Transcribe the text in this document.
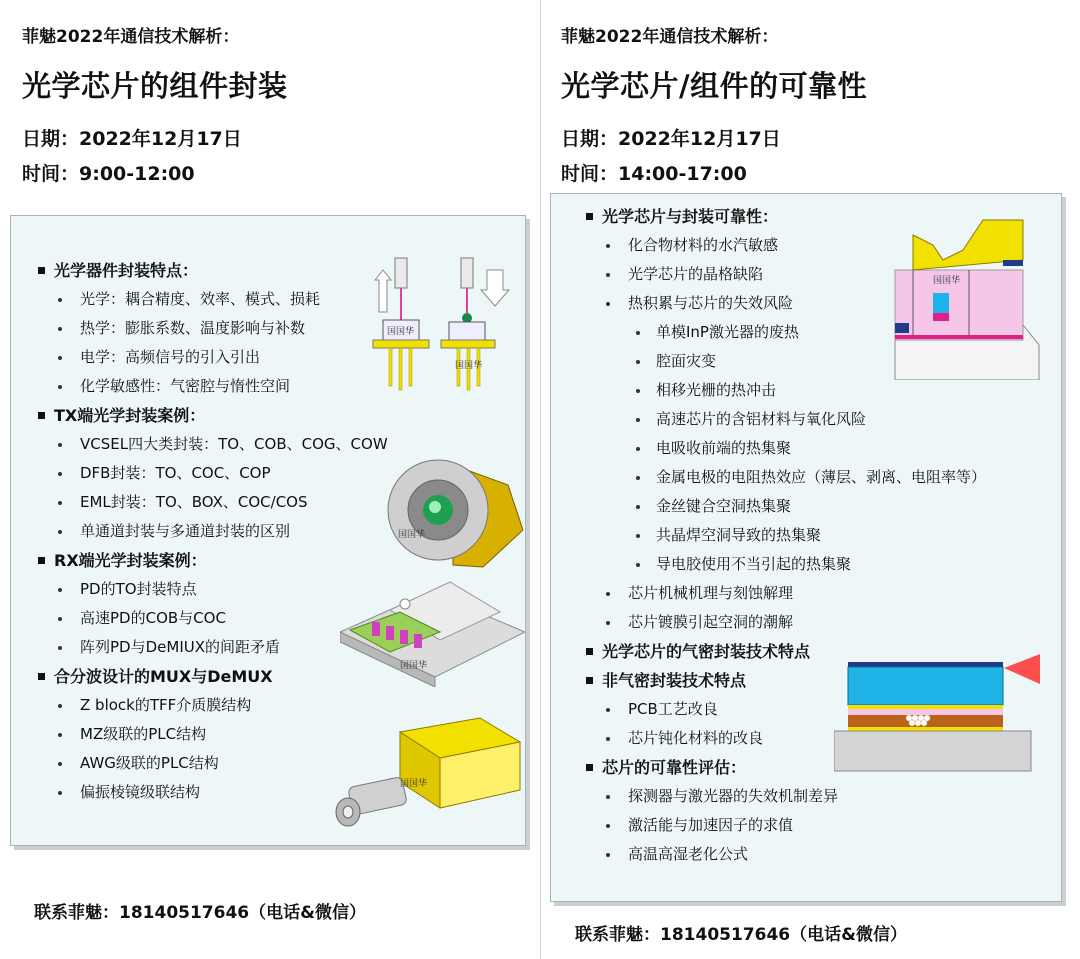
菲魅2022年通信技术解析：
光学芯片的组件封装
日期：2022年12月17日
时间：9:00-12:00
光学器件封装特点：
光学：耦合精度、效率、模式、损耗
热学：膨胀系数、温度影响与补数
电学：高频信号的引入引出
化学敏感性：气密腔与惰性空间
TX端光学封装案例：
VCSEL四大类封装：TO、COB、COG、COW
DFB封装：TO、COC、COP
EML封装：TO、BOX、COC/COS
单通道封装与多通道封装的区别
RX端光学封装案例：
PD的TO封装特点
高速PD的COB与COC
阵列PD与DeMIUX的间距矛盾
合分波设计的MUX与DeMUX
Z block的TFF介质膜结构
MZ级联的PLC结构
AWG级联的PLC结构
偏振棱镜级联结构
国国华
国国华
国国华
国国华
国国华
联系菲魅：18140517646（电话&微信）
菲魅2022年通信技术解析：
光学芯片/组件的可靠性
日期：2022年12月17日
时间：14:00-17:00
光学芯片与封装可靠性：
化合物材料的水汽敏感
光学芯片的晶格缺陷
热积累与芯片的失效风险
单模InP激光器的废热
腔面灾变
相移光栅的热冲击
高速芯片的含铝材料与氧化风险
电吸收前端的热集聚
金属电极的电阻热效应（薄层、剥离、电阻率等）
金丝键合空洞热集聚
共晶焊空洞导致的热集聚
导电胶使用不当引起的热集聚
芯片机械机理与刻蚀解理
芯片镀膜引起空洞的潮解
光学芯片的气密封装技术特点
非气密封装技术特点
PCB工艺改良
芯片钝化材料的改良
芯片的可靠性评估：
探测器与激光器的失效机制差异
激活能与加速因子的求值
高温高湿老化公式
国国华
联系菲魅：18140517646（电话&微信）
